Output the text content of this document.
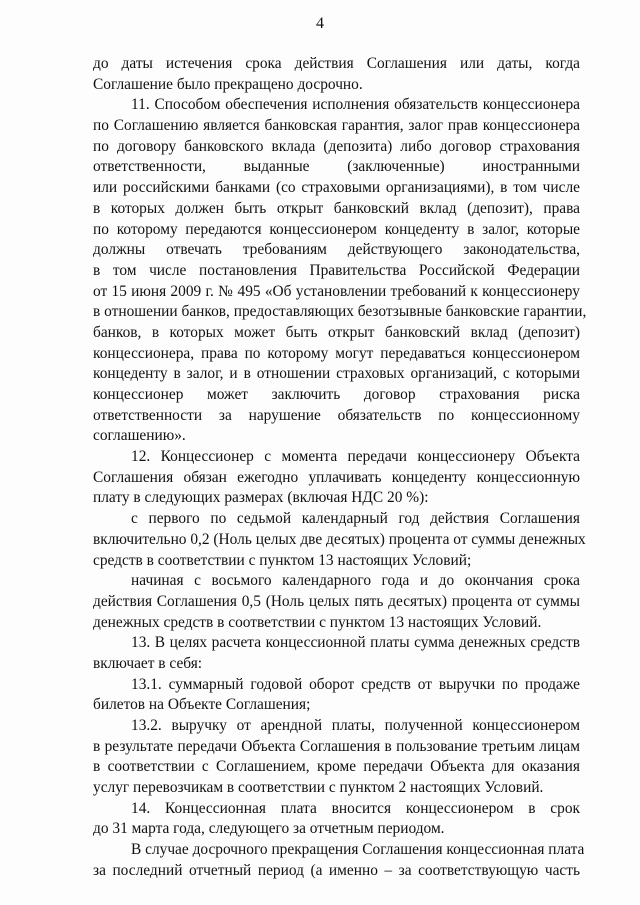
4
до даты истечения срока действия Соглашения или даты, когда
Соглашение было прекращено досрочно.
11. Способом обеспечения исполнения обязательств концессионера
по Соглашению является банковская гарантия, залог прав концессионера
по договору банковского вклада (депозита) либо договор страхования
ответственности, выданные (заключенные) иностранными
или российскими банками (со страховыми организациями), в том числе
в которых должен быть открыт банковский вклад (депозит), права
по которому передаются концессионером концеденту в залог, которые
должны отвечать требованиям действующего законодательства,
в том числе постановления Правительства Российской Федерации
от 15 июня 2009 г. № 495 «Об установлении требований к концессионеру
в отношении банков, предоставляющих безотзывные банковские гарантии,
банков, в которых может быть открыт банковский вклад (депозит)
концессионера, права по которому могут передаваться концессионером
концеденту в залог, и в отношении страховых организаций, с которыми
концессионер может заключить договор страхования риска
ответственности за нарушение обязательств по концессионному
соглашению».
12. Концессионер с момента передачи концессионеру Объекта
Соглашения обязан ежегодно уплачивать концеденту концессионную
плату в следующих размерах (включая НДС 20 %):
с первого по седьмой календарный год действия Соглашения
включительно 0,2 (Ноль целых две десятых) процента от суммы денежных
средств в соответствии с пунктом 13 настоящих Условий;
начиная с восьмого календарного года и до окончания срока
действия Соглашения 0,5 (Ноль целых пять десятых) процента от суммы
денежных средств в соответствии с пунктом 13 настоящих Условий.
13. В целях расчета концессионной платы сумма денежных средств
включает в себя:
13.1. суммарный годовой оборот средств от выручки по продаже
билетов на Объекте Соглашения;
13.2. выручку от арендной платы, полученной концессионером
в результате передачи Объекта Соглашения в пользование третьим лицам
в соответствии с Соглашением, кроме передачи Объекта для оказания
услуг перевозчикам в соответствии с пунктом 2 настоящих Условий.
14. Концессионная плата вносится концессионером в срок
до 31 марта года, следующего за отчетным периодом.
В случае досрочного прекращения Соглашения концессионная плата
за последний отчетный период (а именно – за соответствующую часть
